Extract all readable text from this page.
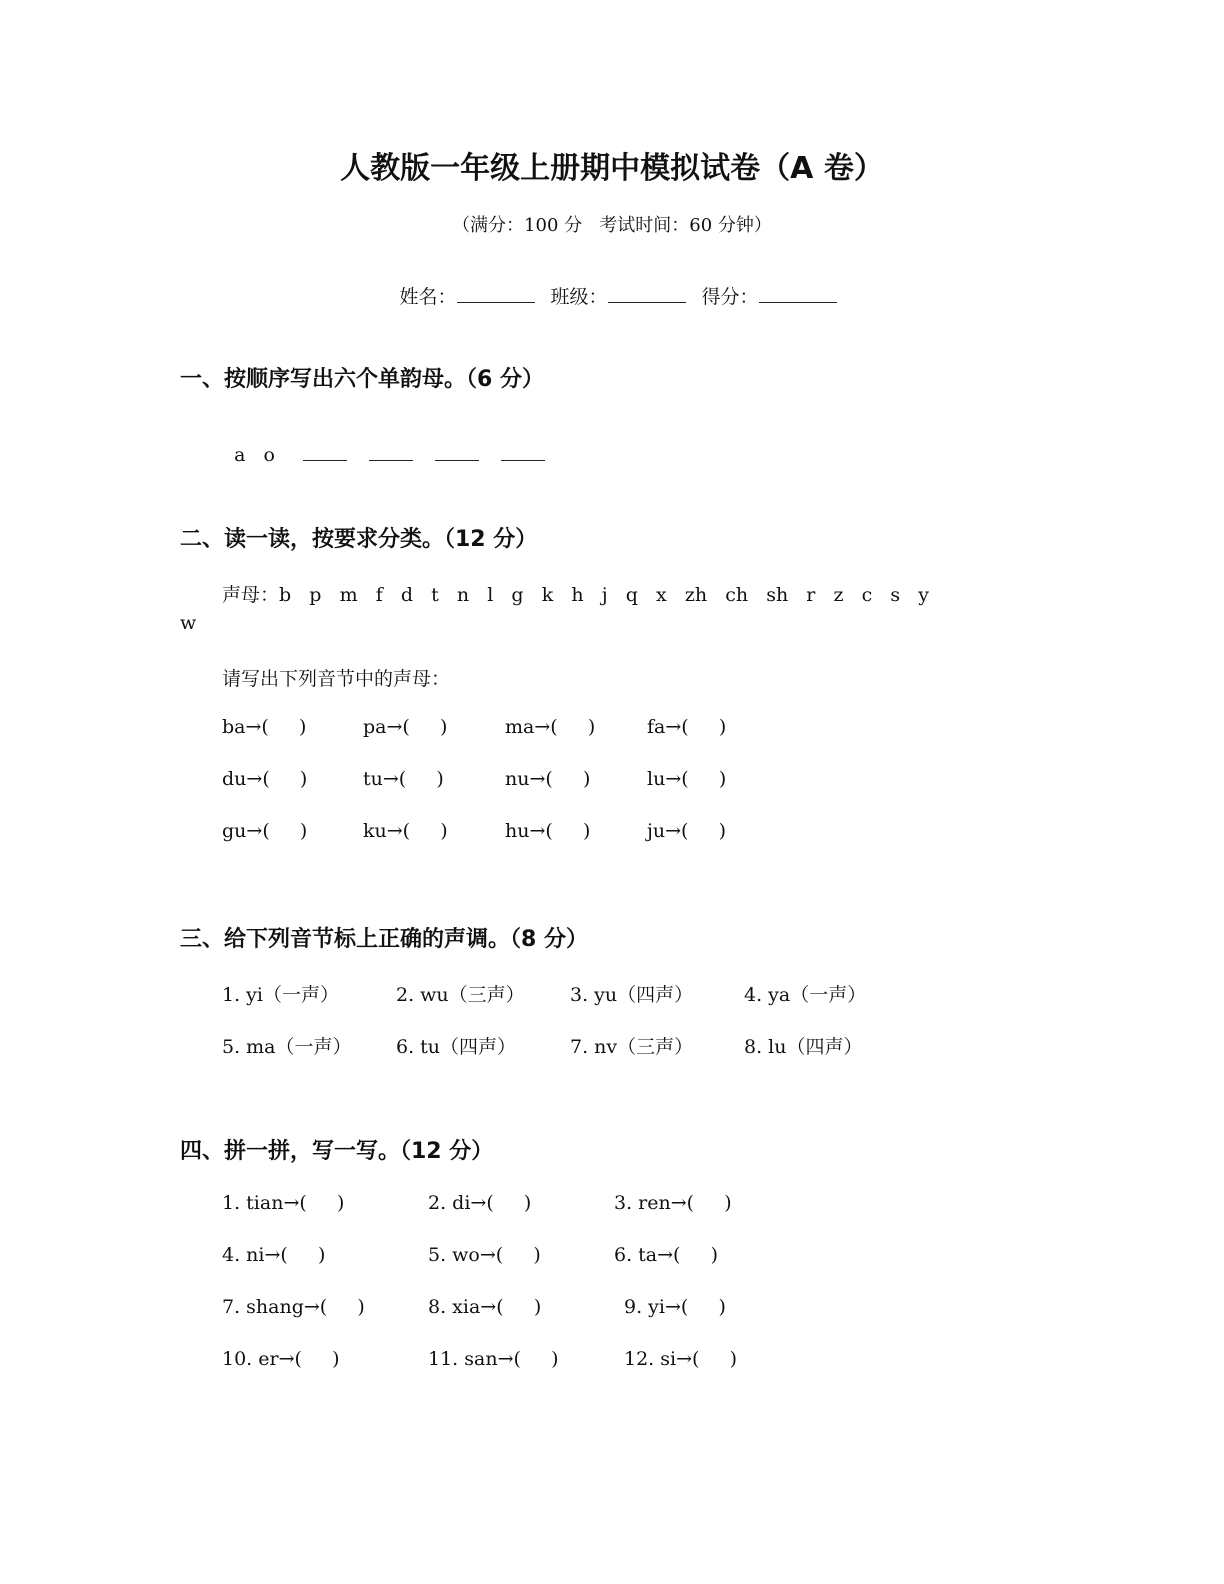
人教版一年级上册期中模拟试卷（A 卷）
（满分：100 分   考试时间：60 分钟）

姓名：	班级：	得分：

一、按顺序写出六个单韵母。（6 分）

a   o

二、读一读，按要求分类。（12 分）
声母：b   p   m   f   d   t   n   l   g   k   h   j   q   x   zh   ch   sh   r   z   c   s   y
w
请写出下列音节中的声母：
ba→(     )	pa→(     )	ma→(     )	fa→(     )
du→(     )	tu→(     )	nu→(     )	lu→(     )
gu→(     )	ku→(     )	hu→(     )	ju→(     )
三、给下列音节标上正确的声调。（8 分）
1. yi（一声）	2. wu（三声） 3. yu（四声）	4. ya（一声）
5. ma（一声） 6. tu（四声）	7. nv（三声）	8. lu（四声）
四、拼一拼，写一写。（12 分）
1. tian→(     )	2. di→(     )	3. ren→(     )
4. ni→(     )	5. wo→(     )	6. ta→(     )
7. shang→(     )	8. xia→(     )	9. yi→(     )
10. er→(     )	11. san→(     )	12. si→(     )
